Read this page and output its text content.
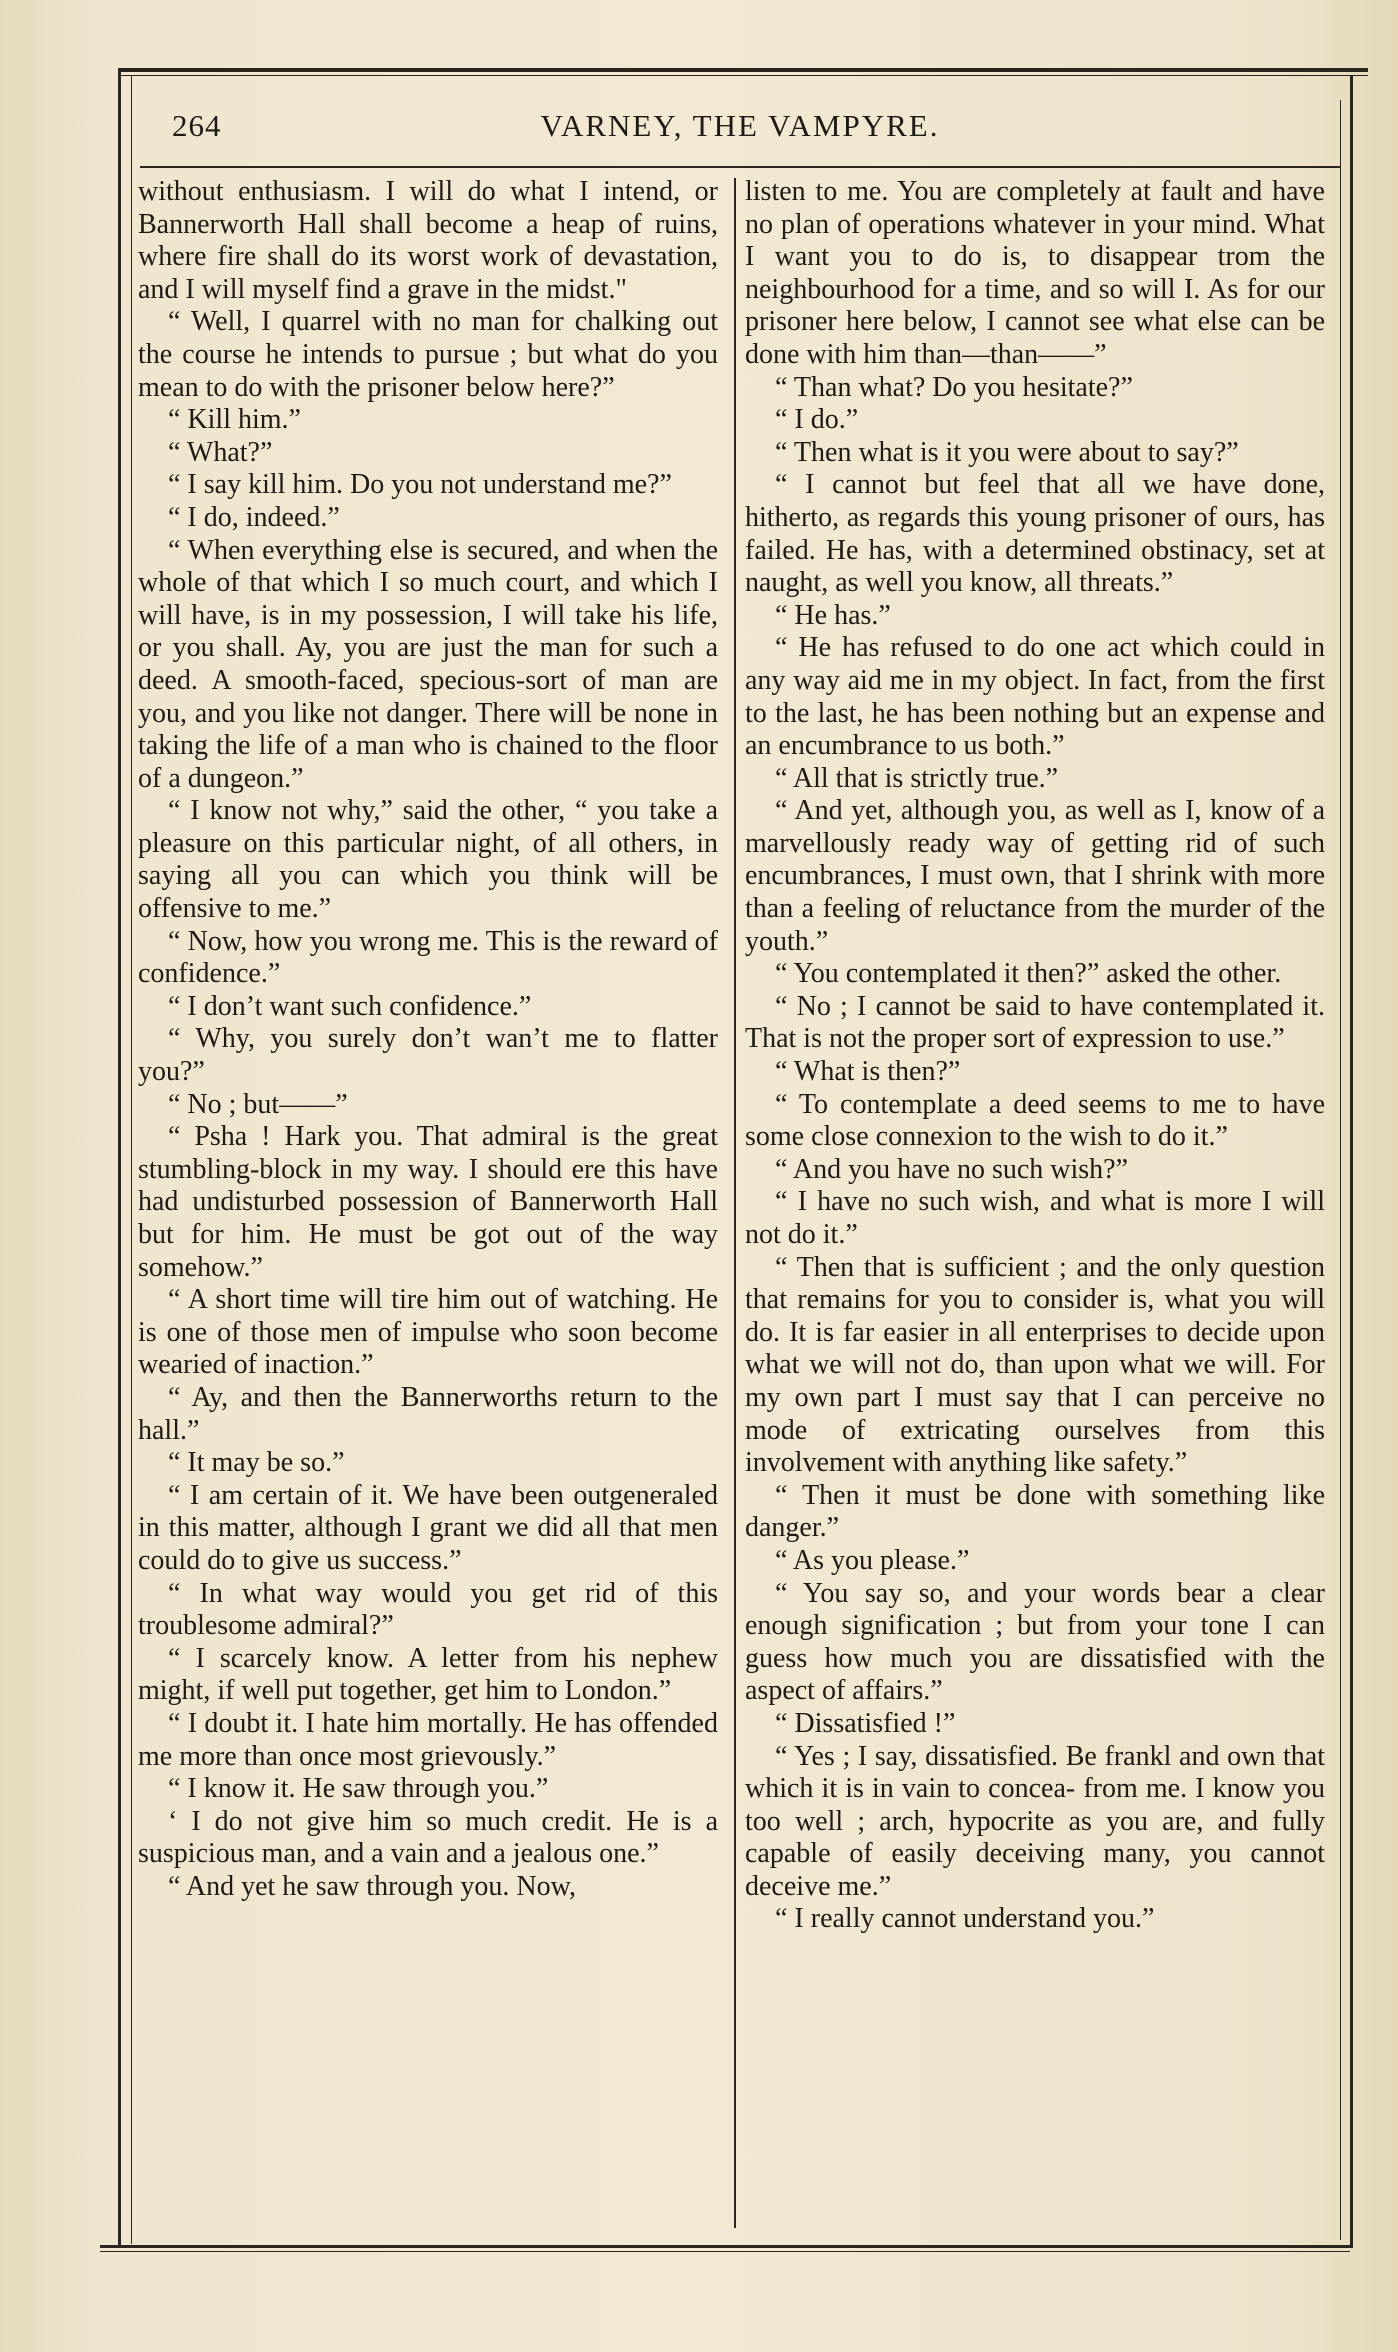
264	VARNEY, THE VAMPYRE.

without enthusiasm. I will do what I intend, or Bannerworth Hall shall become a heap of ruins, where fire shall do its worst work of devastation, and I will myself find a grave in the midst."

“ Well, I quarrel with no man for chalking out the course he intends to pursue ; but what do you mean to do with the prisoner below here?”

“ Kill him.”

“ What?”

“ I say kill him. Do you not understand me?”

“ I do, indeed.”

“ When everything else is secured, and when the whole of that which I so much court, and which I will have, is in my possession, I will take his life, or you shall. Ay, you are just the man for such a deed. A smooth-faced, specious-sort of man are you, and you like not danger. There will be none in taking the life of a man who is chained to the floor of a dungeon.”

“ I know not why,” said the other, “ you take a pleasure on this particular night, of all others, in saying all you can which you think will be offensive to me.”

“ Now, how you wrong me. This is the reward of confidence.”

“ I don’t want such confidence.”

“ Why, you surely don’t wan’t me to flatter you?”

“ No ; but——”

“ Pshа ! Hark you. That admiral is the great stumbling-block in my way. I should ere this have had undisturbed possession of Bannerworth Hall but for him. He must be got out of the way somehow.”

“ A short time will tire him out of watching. He is one of those men of impulse who soon become wearied of inaction.”

“ Ay, and then the Bannerworths return to the hall.”

“ It may be so.”

“ I am certain of it. We have been outgeneraled in this matter, although I grant we did all that men could do to give us success.”

“ In what way would you get rid of this troublesome admiral?”

“ I scarcely know. A letter from his nephew might, if well put together, get him to London.”

“ I doubt it. I hate him mortally. He has offended me more than once most grievously.”

“ I know it. He saw through you.”

‘ I do not give him so much credit. He is a suspicious man, and a vain and a jealous one.”

“ And yet he saw through you. Now,

listen to me. You are completely at fault and have no plan of operations whatever in your mind. What I want you to do is, to disappear trom the neighbourhood for a time, and so will I. As for our prisoner here below, I cannot see what else can be done with him than—than——”

“ Than what? Do you hesitate?”

“ I do.”

“ Then what is it you were about to say?”

“ I cannot but feel that all we have done, hitherto, as regards this young prisoner of ours, has failed. He has, with a determined obstinacy, set at naught, as well you know, all threats.”

“ He has.”

“ He has refused to do one act which could in any way aid me in my object. In fact, from the first to the last, he has been nothing but an expense and an encumbrance to us both.”

“ All that is strictly true.”

“ And yet, although you, as well as I, know of a marvellously ready way of getting rid of such encumbrances, I must own, that I shrink with more than a feeling of reluctance from the murder of the youth.”

“ You contemplated it then?” asked the other.

“ No ; I cannot be said to have contemplated it. That is not the proper sort of expression to use.”

“ What is then?”

“ To contemplate a deed seems to me to have some close connexion to the wish to do it.”

“ And you have no such wish?”

“ I have no such wish, and what is more I will not do it.”

“ Then that is sufficient ; and the only question that remains for you to consider is, what you will do. It is far easier in all enterprises to decide upon what we will not do, than upon what we will. For my own part I must say that I can perceive no mode of extricating ourselves from this involvement with anything like safety.”

“ Then it must be done with something like danger.”

“ As you please.”

“ You say so, and your words bear a clear enough signification ; but from your tone I can guess how much you are dissatisfied with the aspect of affairs.”

“ Dissatisfied !”

“ Yes ; I say, dissatisfied. Be frankl and own that which it is in vain to concea- from me. I know you too well ; arch, hypocrite as you are, and fully capable of easily deceiving many, you cannot deceive me.”

“ I really cannot understand you.”
